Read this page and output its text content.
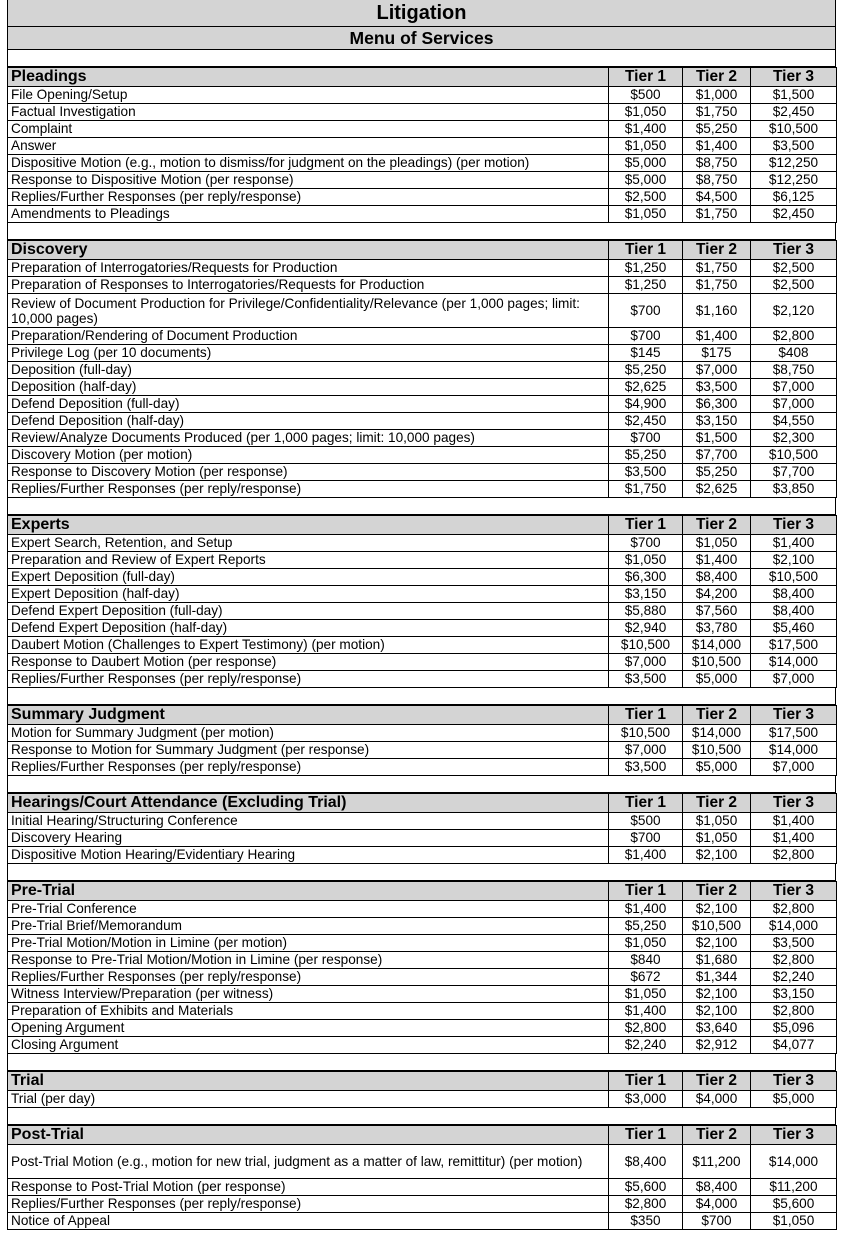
Litigation
Menu of Services
Pleadings	Tier 1	Tier 2	Tier 3
File Opening/Setup	$500	$1,000	$1,500
Factual Investigation	$1,050	$1,750	$2,450
Complaint	$1,400	$5,250	$10,500
Answer	$1,050	$1,400	$3,500
Dispositive Motion (e.g., motion to dismiss/for judgment on the pleadings) (per motion)	$5,000	$8,750	$12,250
Response to Dispositive Motion (per response)	$5,000	$8,750	$12,250
Replies/Further Responses (per reply/response)	$2,500	$4,500	$6,125
Amendments to Pleadings	$1,050	$1,750	$2,450
Discovery	Tier 1	Tier 2	Tier 3
Preparation of Interrogatories/Requests for Production	$1,250	$1,750	$2,500
Preparation of Responses to Interrogatories/Requests for Production	$1,250	$1,750	$2,500
Review of Document Production for Privilege/Confidentiality/Relevance (per 1,000 pages; limit: 10,000 pages)	$700	$1,160	$2,120
Preparation/Rendering of Document Production	$700	$1,400	$2,800
Privilege Log (per 10 documents)	$145	$175	$408
Deposition (full-day)	$5,250	$7,000	$8,750
Deposition (half-day)	$2,625	$3,500	$7,000
Defend Deposition (full-day)	$4,900	$6,300	$7,000
Defend Deposition (half-day)	$2,450	$3,150	$4,550
Review/Analyze Documents Produced (per 1,000 pages; limit: 10,000 pages)	$700	$1,500	$2,300
Discovery Motion (per motion)	$5,250	$7,700	$10,500
Response to Discovery Motion (per response)	$3,500	$5,250	$7,700
Replies/Further Responses (per reply/response)	$1,750	$2,625	$3,850
Experts	Tier 1	Tier 2	Tier 3
Expert Search, Retention, and Setup	$700	$1,050	$1,400
Preparation and Review of Expert Reports	$1,050	$1,400	$2,100
Expert Deposition (full-day)	$6,300	$8,400	$10,500
Expert Deposition (half-day)	$3,150	$4,200	$8,400
Defend Expert Deposition (full-day)	$5,880	$7,560	$8,400
Defend Expert Deposition (half-day)	$2,940	$3,780	$5,460
Daubert Motion (Challenges to Expert Testimony) (per motion)	$10,500	$14,000	$17,500
Response to Daubert Motion (per response)	$7,000	$10,500	$14,000
Replies/Further Responses (per reply/response)	$3,500	$5,000	$7,000
Summary Judgment	Tier 1	Tier 2	Tier 3
Motion for Summary Judgment (per motion)	$10,500	$14,000	$17,500
Response to Motion for Summary Judgment (per response)	$7,000	$10,500	$14,000
Replies/Further Responses (per reply/response)	$3,500	$5,000	$7,000
Hearings/Court Attendance (Excluding Trial)	Tier 1	Tier 2	Tier 3
Initial Hearing/Structuring Conference	$500	$1,050	$1,400
Discovery Hearing	$700	$1,050	$1,400
Dispositive Motion Hearing/Evidentiary Hearing	$1,400	$2,100	$2,800
Pre-Trial	Tier 1	Tier 2	Tier 3
Pre-Trial Conference	$1,400	$2,100	$2,800
Pre-Trial Brief/Memorandum	$5,250	$10,500	$14,000
Pre-Trial Motion/Motion in Limine (per motion)	$1,050	$2,100	$3,500
Response to Pre-Trial Motion/Motion in Limine (per response)	$840	$1,680	$2,800
Replies/Further Responses (per reply/response)	$672	$1,344	$2,240
Witness Interview/Preparation (per witness)	$1,050	$2,100	$3,150
Preparation of Exhibits and Materials	$1,400	$2,100	$2,800
Opening Argument	$2,800	$3,640	$5,096
Closing Argument	$2,240	$2,912	$4,077
Trial	Tier 1	Tier 2	Tier 3
Trial (per day)	$3,000	$4,000	$5,000
Post-Trial	Tier 1	Tier 2	Tier 3
Post-Trial Motion (e.g., motion for new trial, judgment as a matter of law, remittitur) (per motion)	$8,400	$11,200	$14,000
Response to Post-Trial Motion (per response)	$5,600	$8,400	$11,200
Replies/Further Responses (per reply/response)	$2,800	$4,000	$5,600
Notice of Appeal	$350	$700	$1,050
